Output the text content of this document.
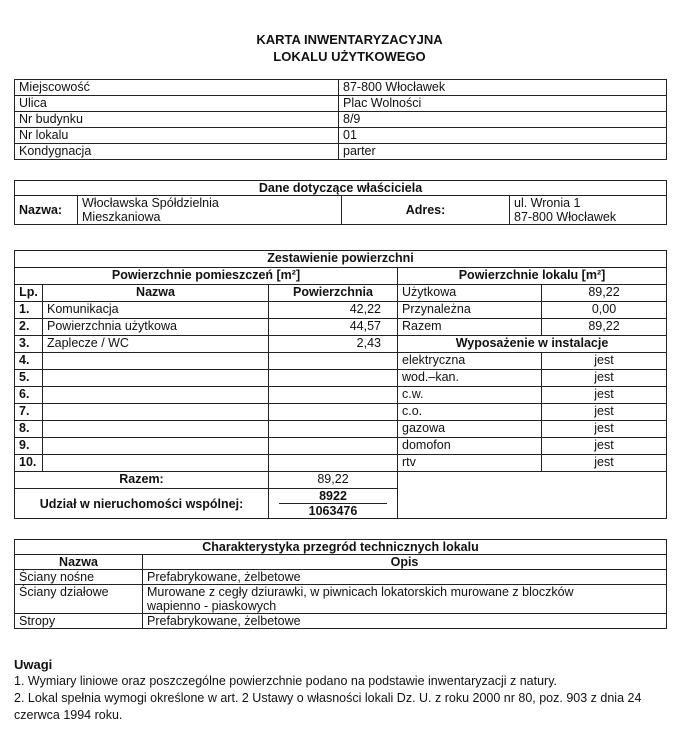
KARTA INWENTARYZACYJNA
LOKALU UŻYTKOWEGO
Miejscowość	87-800 Włocławek
Ulica	Plac Wolności
Nr budynku	8/9
Nr lokalu	01
Kondygnacja	parter
Dane dotyczące właściciela
Nazwa:	Włocławska Spółdzielnia
Mieszkaniowa	Adres:	ul. Wronia 1
87-800 Włocławek
Zestawienie powierzchni				
Powierzchnie pomieszczeń [m²]			Powierzchnie lokalu [m²]	
Lp.	Nazwa	Powierzchnia	Użytkowa	89,22
1.	Komunikacja	42,22	Przynależna	0,00
2.	Powierzchnia użytkowa	44,57	Razem	89,22
3.	Zaplecze / WC	2,43	Wyposażenie w instalacje	
4.			elektryczna	jest
5.			wod.–kan.	jest
6.			c.w.	jest
7.			c.o.	jest
8.			gazowa	jest
9.			domofon	jest
10.			rtv	jest
Razem:		89,22		
Udział w nieruchomości wspólnej:		8922
1063476		
Charakterystyka przegród technicznych lokalu	
Nazwa	Opis
Ściany nośne	Prefabrykowane, żelbetowe
Ściany działowe	Murowane z cegły dziurawki, w piwnicach lokatorskich murowane z bloczków wapienno - piaskowych
Stropy	Prefabrykowane, żelbetowe
Uwagi
1. Wymiary liniowe oraz poszczególne powierzchnie podano na podstawie inwentaryzacji z natury.
2. Lokal spełnia wymogi określone w art. 2 Ustawy o własności lokali Dz. U. z roku 2000 nr 80, poz. 903 z dnia 24 czerwca 1994 roku.
